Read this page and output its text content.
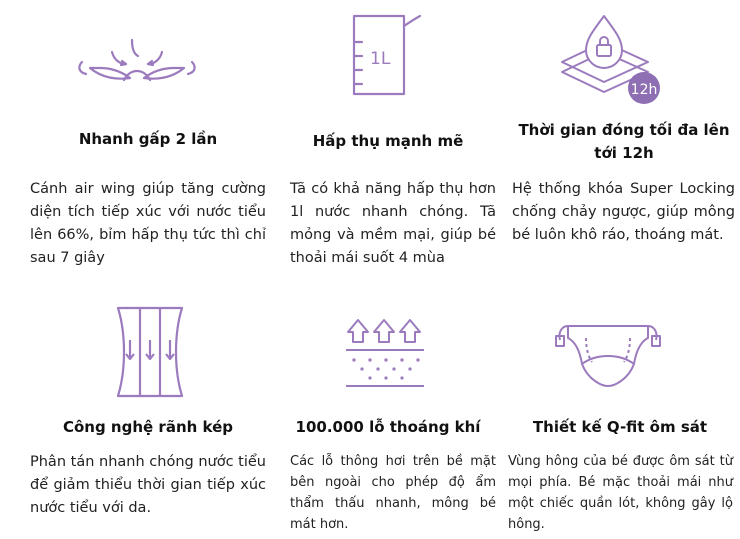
Nhanh gấp 2 lần
Cánh air wing giúp tăng cường diện tích tiếp xúc với nước tiểu lên 66%, bỉm hấp thụ tức thì chỉ sau 7 giây
1L
Hấp thụ mạnh mẽ
Tã có khả năng hấp thụ hơn 1l nước nhanh chóng. Tã mỏng và mềm mại, giúp bé thoải mái suốt 4 mùa
12h
Thời gian đóng tối đa lên tới 12h
Hệ thống khóa Super Locking chống chảy ngược, giúp mông bé luôn khô ráo, thoáng mát.
Công nghệ rãnh kép
Phân tán nhanh chóng nước tiểu để giảm thiểu thời gian tiếp xúc nước tiểu với da.
100.000 lỗ thoáng khí
Các lỗ thông hơi trên bề mặt bên ngoài cho phép độ ẩm thẩm thấu nhanh, mông bé mát hơn.
Thiết kế Q-fit ôm sát
Vùng hông của bé được ôm sát từ mọi phía. Bé mặc thoải mái như một chiếc quần lót, không gây lộ hông.
